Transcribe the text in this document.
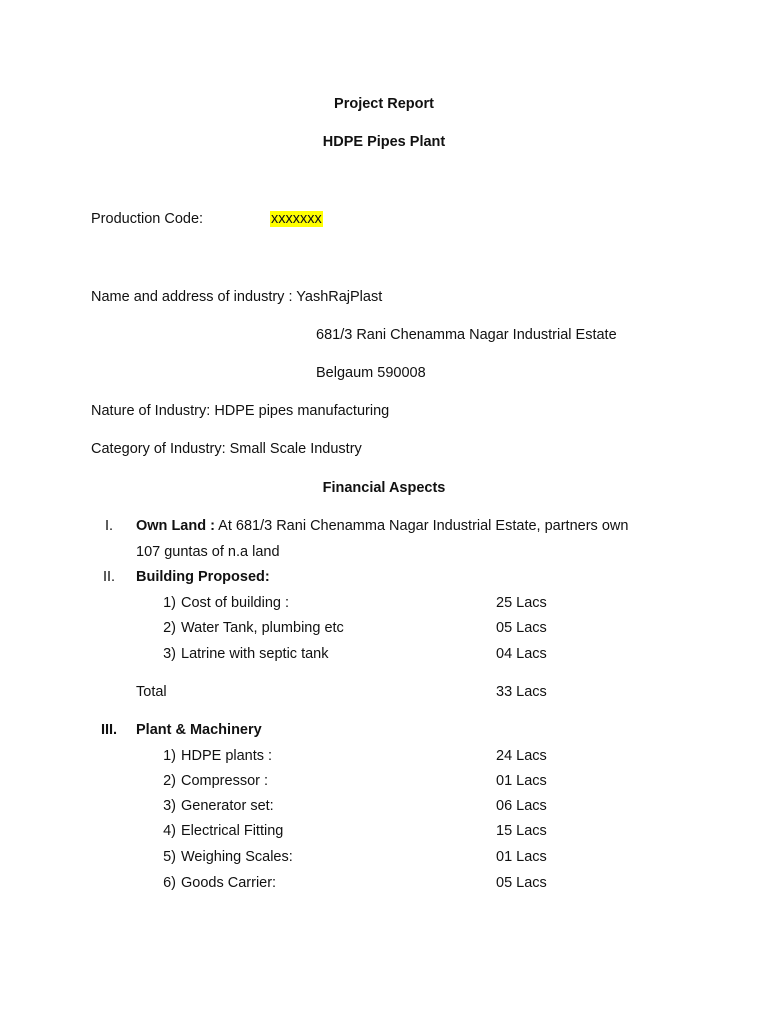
Project Report
HDPE Pipes Plant
Production Code:	xxxxxxx
Name and address of industry : YashRajPlast
681/3 Rani Chenamma Nagar Industrial Estate
Belgaum 590008
Nature of Industry: HDPE pipes manufacturing
Category of Industry: Small Scale Industry
Financial Aspects
I.	Own Land : At 681/3 Rani Chenamma Nagar Industrial Estate, partners own
107 guntas of n.a land
II.	Building Proposed:
1) Cost of building :	25 Lacs
2) Water Tank, plumbing etc	05 Lacs
3) Latrine with septic tank	04 Lacs
Total	33 Lacs
III.	Plant & Machinery
1) HDPE plants :	24 Lacs
2) Compressor :	01 Lacs
3) Generator set:	06 Lacs
4) Electrical Fitting	15 Lacs
5) Weighing Scales:	01 Lacs
6) Goods Carrier:	05 Lacs
